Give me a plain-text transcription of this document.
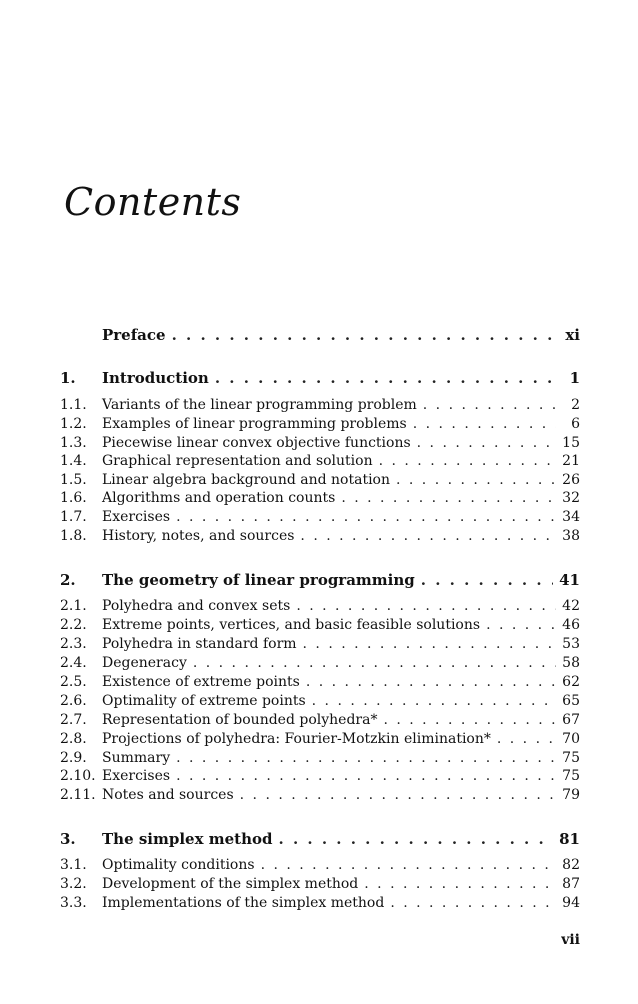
Contents
Preface . . .	xi
1.	Introduction . . .	1
1.1.	Variants of the linear programming problem . . .	2
1.2.	Examples of linear programming problems . . .	6
1.3.	Piecewise linear convex objective functions . . .	15
1.4.	Graphical representation and solution . . .	21
1.5.	Linear algebra background and notation . . .	26
1.6.	Algorithms and operation counts . . .	32
1.7.	Exercises . . .	34
1.8.	History, notes, and sources . . .	38
2.	The geometry of linear programming . . .	41
2.1.	Polyhedra and convex sets . . .	42
2.2.	Extreme points, vertices, and basic feasible solutions . . .	46
2.3.	Polyhedra in standard form . . .	53
2.4.	Degeneracy . . .	58
2.5.	Existence of extreme points . . .	62
2.6.	Optimality of extreme points . . .	65
2.7.	Representation of bounded polyhedra* . . .	67
2.8.	Projections of polyhedra: Fourier-Motzkin elimination* . . .	70
2.9.	Summary . . .	75
2.10. Exercises . . .	75
2.11. Notes and sources . . .	79
3.	The simplex method . . .	81
3.1.	Optimality conditions . . .	82
3.2.	Development of the simplex method . . .	87
3.3.	Implementations of the simplex method . . .	94
vii
